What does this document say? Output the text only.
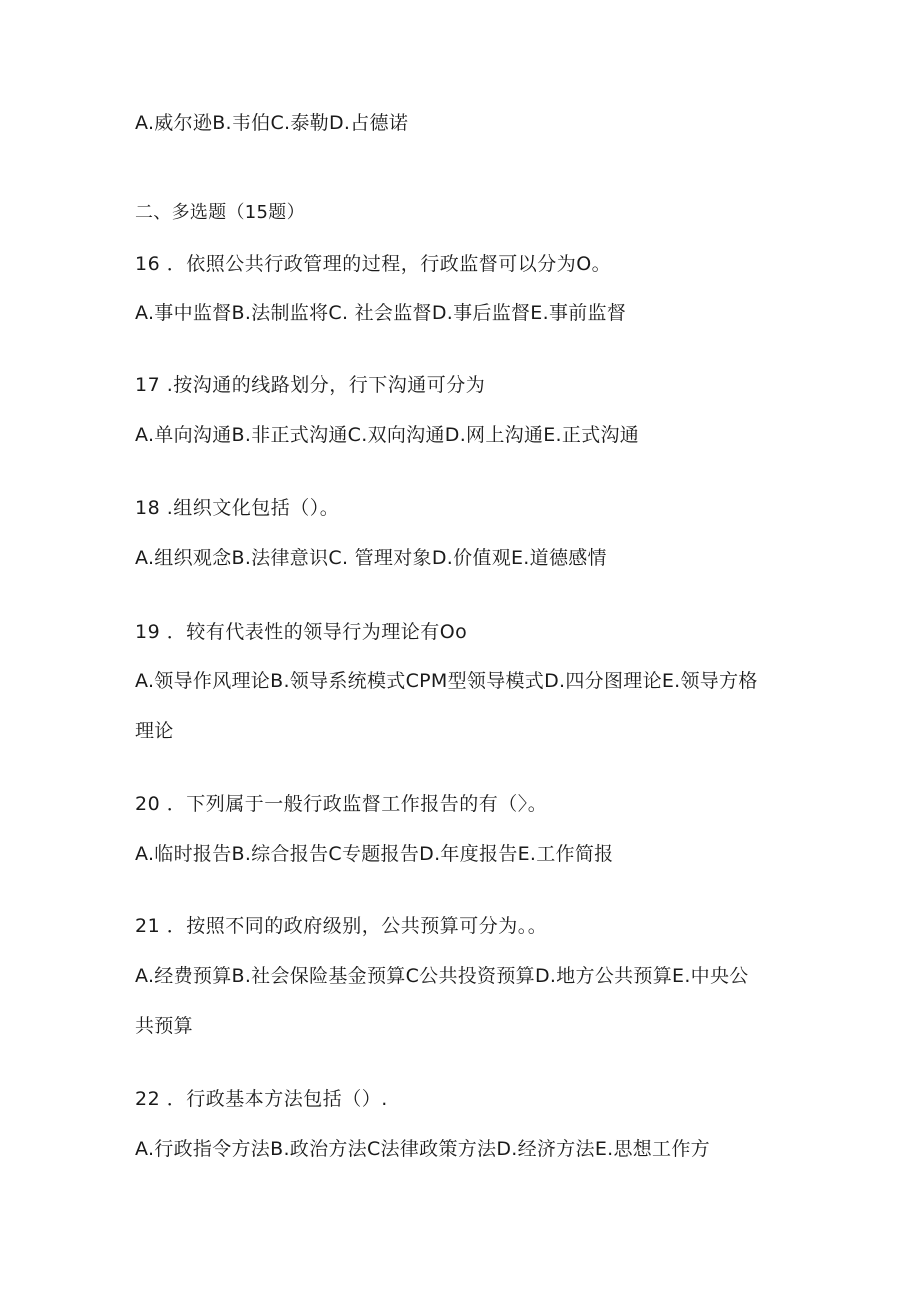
A.威尔逊B.韦伯C.泰勒D.占德诺
二、多选题（15题）
16 ．依照公共行政管理的过程，行政监督可以分为O。
A.事中监督B.法制监将C. 社会监督D.事后监督E.事前监督
17 .按沟通的线路划分，行下沟通可分为
A.单向沟通B.非正式沟通C.双向沟通D.网上沟通E.正式沟通
18 .组织文化包括（）。
A.组织观念B.法律意识C. 管理对象D.价值观E.道德感情
19 ．较有代表性的领导行为理论有Oo
A.领导作风理论B.领导系统模式CPM型领导模式D.四分图理论E.领导方格
理论
20 ．下列属于一般行政监督工作报告的有（〉。
A.临时报告B.综合报告C专题报告D.年度报告E.工作简报
21 ．按照不同的政府级别，公共预算可分为。。
A.经费预算B.社会保险基金预算C公共投资预算D.地方公共预算E.中央公
共预算
22 ．行政基本方法包括（）.
A.行政指令方法B.政治方法C法律政策方法D.经济方法E.思想工作方
